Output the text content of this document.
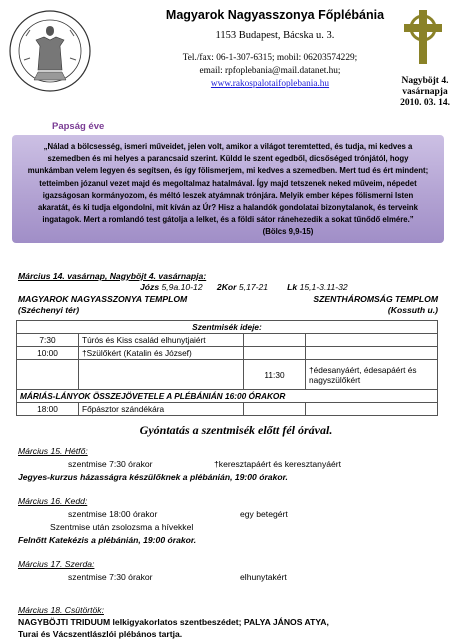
Magyarok Nagyasszonya Főplébánia
1153 Budapest, Bácska u. 3.
Tel./fax: 06-1-307-6315; mobil: 06203574229;
email: rpfoplebania@mail.datanet.hu;
www.rakospalotaifoplebania.hu	Nagyböjt 4.
vasárnapja
2010. 03. 14.
Papság éve
„Nálad a bölcsesség, ismeri műveidet, jelen volt, amikor a világot teremtetted, és tudja, mi kedves a szemedben és mi helyes a parancsaid szerint. Küldd le szent egedből, dicsőséged trónjától, hogy munkámban velem legyen és segítsen, és így fölismerjem, mi kedves a szemedben. Mert tud és ért mindent; tetteimben józanul vezet majd és megoltalmaz hatalmával. Így majd tetszenek neked műveim, népedet igazságosan kormányozom, és méltó leszek atyámnak trónjára. Melyik ember képes fölismerni Isten akaratát, és ki tudja elgondolni, mit kíván az Úr? Hisz a halandók gondolatai bizonytalanok, és terveink ingatagok. Mert a romlandó test gátolja a lelket, és a földi sátor ránehezedik a sokat tűnődő elmére.”
(Bölcs 9,9-15)
Március 14. vasárnap, Nagyböjt 4. vasárnapja:
Józs 5,9a.10-12 2Kor 5,17-21 Lk 15,1-3.11-32
MAGYAROK NAGYASSZONYA TEMPLOM
(Széchenyi tér)
SZENTHÁROMSÁG TEMPLOM
(Kossuth u.)
Szentmisék ideje:			
7:30	Túrós és Kiss család elhunytjaiért		
10:00	†Szülőkért (Katalin és József)		
		11:30	†édesanyáért, édesapáért és nagyszülőkért
MÁRIÁS-LÁNYOK ÖSSZEJÖVETELE A PLÉBÁNIÁN 16:00 ÓRAKOR			
18:00	Főpásztor szándékára		
Gyóntatás a szentmisék előtt fél órával.
Március 15. Hétfő:
szentmise 7:30 órakor	†keresztapáért és keresztanyáért
Jegyes-kurzus házasságra készülőknek a plébánián, 19:00 órakor.
Március 16. Kedd:
szentmise 18:00 órakor	egy betegért
Szentmise után zsolozsma a hívekkel
Felnőtt Katekézis a plébánián, 19:00 órakor.
Március 17. Szerda:
szentmise 7:30 órakor	elhunytakért
Március 18. Csütörtök:
NAGYBÖJTI TRIDUUM lelkigyakorlatos szentbeszédet; PALYA JÁNOS ATYA,
Turai és Vácszentlászlói plébános tartja.
